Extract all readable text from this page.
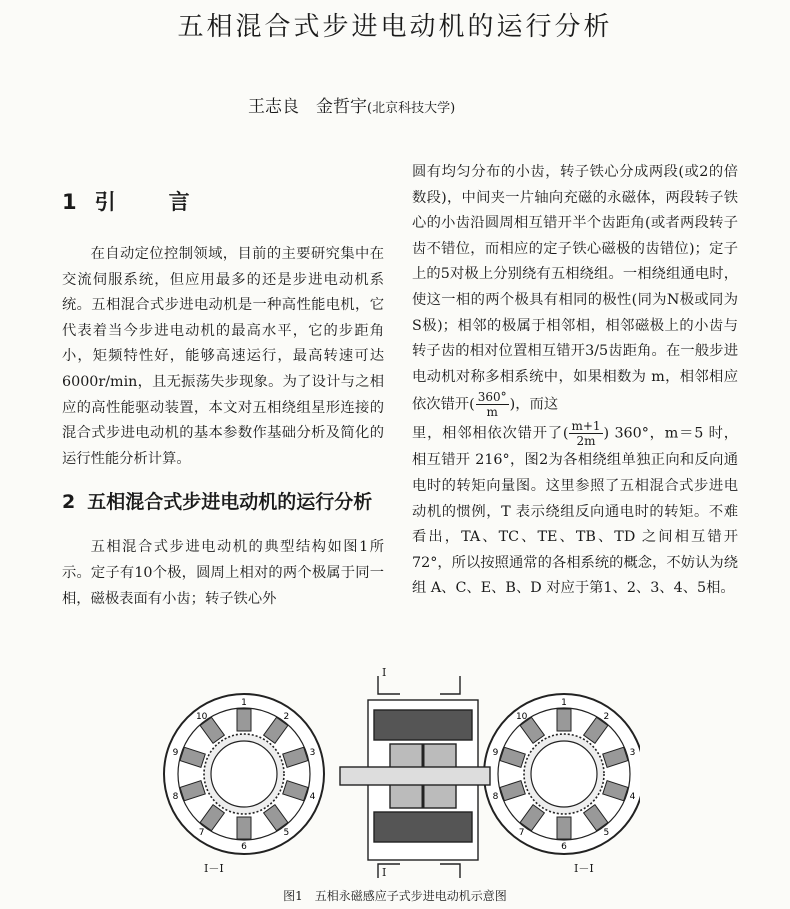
五相混合式步进电动机的运行分析
王志良　金哲宇(北京科技大学)
1 引　言

在自动定位控制领域，目前的主要研究集中在交流伺服系统，但应用最多的还是步进电动机系统。五相混合式步进电动机是一种高性能电机，它代表着当今步进电动机的最高水平，它的步距角小，矩频特性好，能够高速运行，最高转速可达 6000r/min，且无振荡失步现象。为了设计与之相应的高性能驱动装置，本文对五相绕组星形连接的混合式步进电动机的基本参数作基础分析及简化的运行性能分析计算。

2 五相混合式步进电动机的运行分析

五相混合式步进电动机的典型结构如图1所示。定子有10个极，圆周上相对的两个极属于同一相，磁极表面有小齿；转子铁心外

圆有均匀分布的小齿，转子铁心分成两段(或2的倍数段)，中间夹一片轴向充磁的永磁体，两段转子铁心的小齿沿圆周相互错开半个齿距角(或者两段转子齿不错位，而相应的定子铁心磁极的齿错位)；定子上的5对极上分别绕有五相绕组。一相绕组通电时，使这一相的两个极具有相同的极性(同为N极或同为S极)；相邻的极属于相邻相，相邻磁极上的小齿与转子齿的相对位置相互错开3/5齿距角。在一般步进电动机对称多相系统中，如果相数为 m，相邻相应依次错开( $\frac{360^\circ}{m}$ )，而这

里，相邻相依次错开了( $\frac{m+1}{2m}$ ) 360°，m＝5 时，相互错开 216°，图2为各相绕组单独正向和反向通电时的转矩向量图。这里参照了五相混合式步进电动机的惯例，T 表示绕组反向通电时的转矩。不难看出，TA、TC、TE、TB、TD 之间相互错开 72°，所以按照通常的各相系统的概念，不妨认为绕组 A、C、E、B、D 对应于第1、2、3、4、5相。

1
2
3
4
5
6
7
8
9
10
1
2
3
4
5
6
7
8
9
10
I－I	I－I
I
I
图1　五相永磁感应子式步进电动机示意图
